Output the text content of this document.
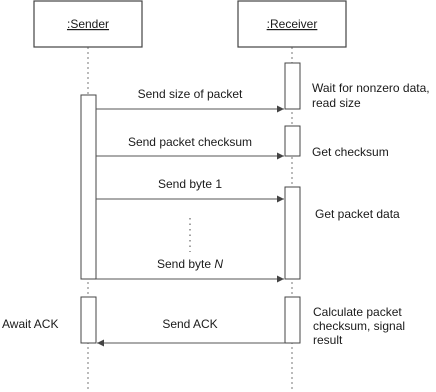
:Sender	:Receiver
Send size of packet
Send packet checksum
Send byte 1
Send byte N
Send ACK
Wait for nonzero data,
read size
Get checksum
Get packet data
Await ACK
Calculate packet
checksum, signal
result
